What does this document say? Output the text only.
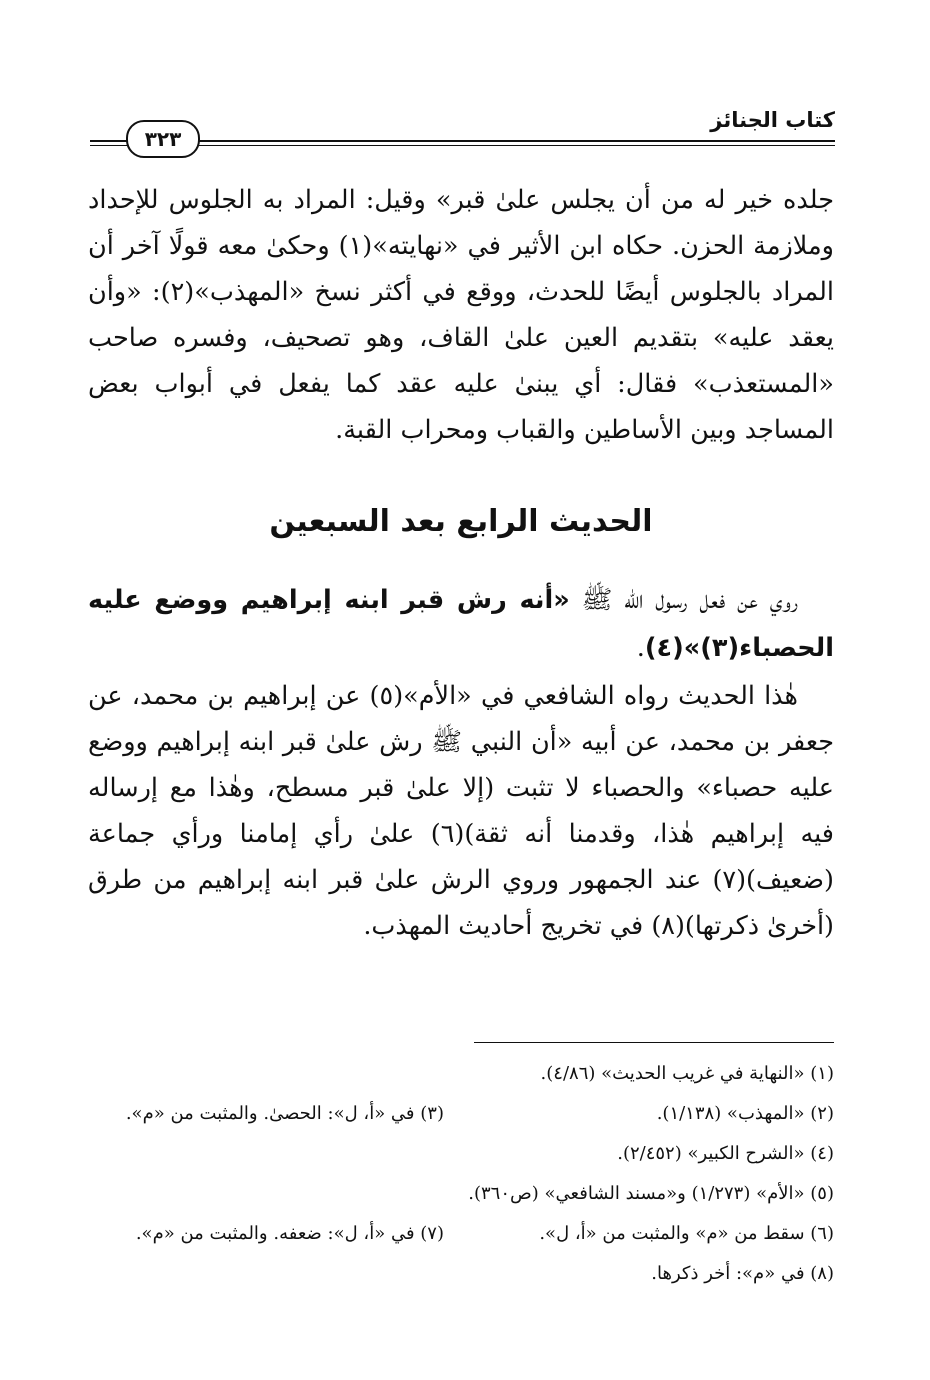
كتاب الجنائز
٣٢٣

جلده خير له من أن يجلس علىٰ قبر» وقيل: المراد به الجلوس للإحداد وملازمة الحزن. حكاه ابن الأثير في «نهايته»(١) وحكىٰ معه قولًا آخر أن المراد بالجلوس أيضًا للحدث، ووقع في أكثر نسخ «المهذب»(٢): «وأن يعقد عليه» بتقديم العين علىٰ القاف، وهو تصحيف، وفسره صاحب «المستعذب» فقال: أي يبنىٰ عليه عقد كما يفعل في أبواب بعض المساجد وبين الأساطين والقباب ومحراب القبة.

الحديث الرابع بعد السبعين

روي عن فعل رسول الله ﷺ «أنه رش قبر ابنه إبراهيم ووضع عليه الحصباء(٣)»(٤).

هٰذا الحديث رواه الشافعي في «الأم»(٥) عن إبراهيم بن محمد، عن جعفر بن محمد، عن أبيه «أن النبي ﷺ رش علىٰ قبر ابنه إبراهيم ووضع عليه حصباء» والحصباء لا تثبت (إلا علىٰ قبر مسطح، وهٰذا مع إرساله فيه إبراهيم هٰذا، وقدمنا أنه ثقة)(٦) علىٰ رأي إمامنا ورأي جماعة (ضعيف)(٧) عند الجمهور وروي الرش علىٰ قبر ابنه إبراهيم من طرق (أخرىٰ ذكرتها)(٨) في تخريج أحاديث المهذب.

(١) «النهاية في غريب الحديث» (٤/٨٦).
(٢) «المهذب» (١/١٣٨).
(٣) في «أ، ل»: الحصىٰ. والمثبت من «م».
(٤) «الشرح الكبير» (٢/٤٥٢).
(٥) «الأم» (١/٢٧٣) و«مسند الشافعي» (ص٣٦٠).
(٦) سقط من «م» والمثبت من «أ، ل».
(٧) في «أ، ل»: ضعفه. والمثبت من «م».
(٨) في «م»: أخر ذكرها.
